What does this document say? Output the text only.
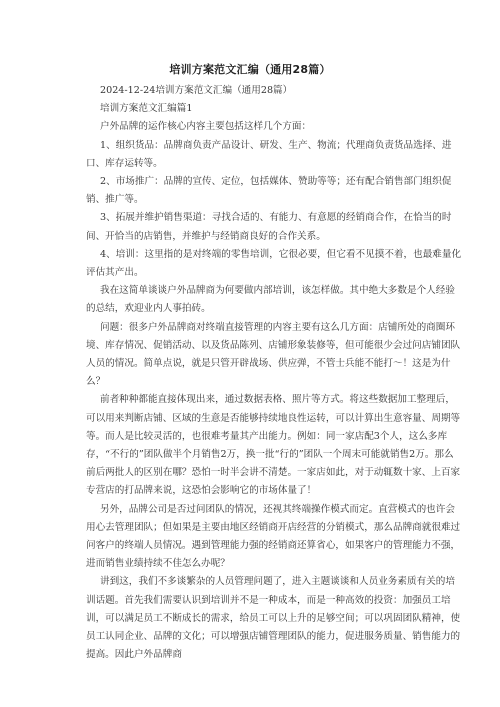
培训方案范文汇编（通用28篇）

2024-12-24培训方案范文汇编（通用28篇）

培训方案范文汇编篇1

户外品牌的运作核心内容主要包括这样几个方面：

1、组织货品：品牌商负责产品设计、研发、生产、物流；代理商负责货品选择、进口、库存运转等。

2、市场推广：品牌的宣传、定位，包括媒体、赞助等等；还有配合销售部门组织促销、推广等。

3、拓展并维护销售渠道：寻找合适的、有能力、有意愿的经销商合作，在恰当的时间、开恰当的店销售，并维护与经销商良好的合作关系。

4、培训：这里指的是对终端的零售培训，它很必要，但它看不见摸不着，也最难量化评估其产出。

我在这简单谈谈户外品牌商为何要做内部培训，该怎样做。其中绝大多数是个人经验的总结，欢迎业内人事拍砖。

问题：很多户外品牌商对终端直接管理的内容主要有这么几方面：店铺所处的商圈环境、库存情况、促销活动、以及货品陈列、店铺形象装修等，但可能很少会过问店铺团队人员的情况。简单点说，就是只管开辟战场、供应弹，不管士兵能不能打～！这是为什么？

前者种种都能直接体现出来，通过数据表格、照片等方式。将这些数据加工整理后，可以用来判断店铺、区域的生意是否能够持续地良性运转，可以计算出生意容量、周期等等。而人是比较灵活的，也很难考量其产出能力。例如：同一家店配3个人，这么多库存，“不行的”团队做半个月销售2万，换一批“行的”团队一个周末可能就销售2万。那么前后两批人的区别在哪？恐怕一时半会讲不清楚。一家店如此，对于动辄数十家、上百家专营店的打品牌来说，这恐怕会影响它的市场体量了！

另外，品牌公司是否过问团队的情况，还视其终端操作模式而定。直营模式的也许会用心去管理团队；但如果是主要由地区经销商开店经营的分销模式，那么品牌商就很难过问客户的终端人员情况。遇到管理能力强的经销商还算省心，如果客户的管理能力不强，进而销售业绩持续不佳怎么办呢？

讲到这，我们不多谈繁杂的人员管理问题了，进入主题谈谈和人员业务素质有关的培训话题。首先我们需要认识到培训并不是一种成本，而是一种高效的投资：加强员工培训，可以满足员工不断成长的需求，给员工可以上升的足够空间；可以巩固团队精神，使员工认同企业、品牌的文化；可以增强店铺管理团队的能力，促进服务质量、销售能力的提高。因此户外品牌商
